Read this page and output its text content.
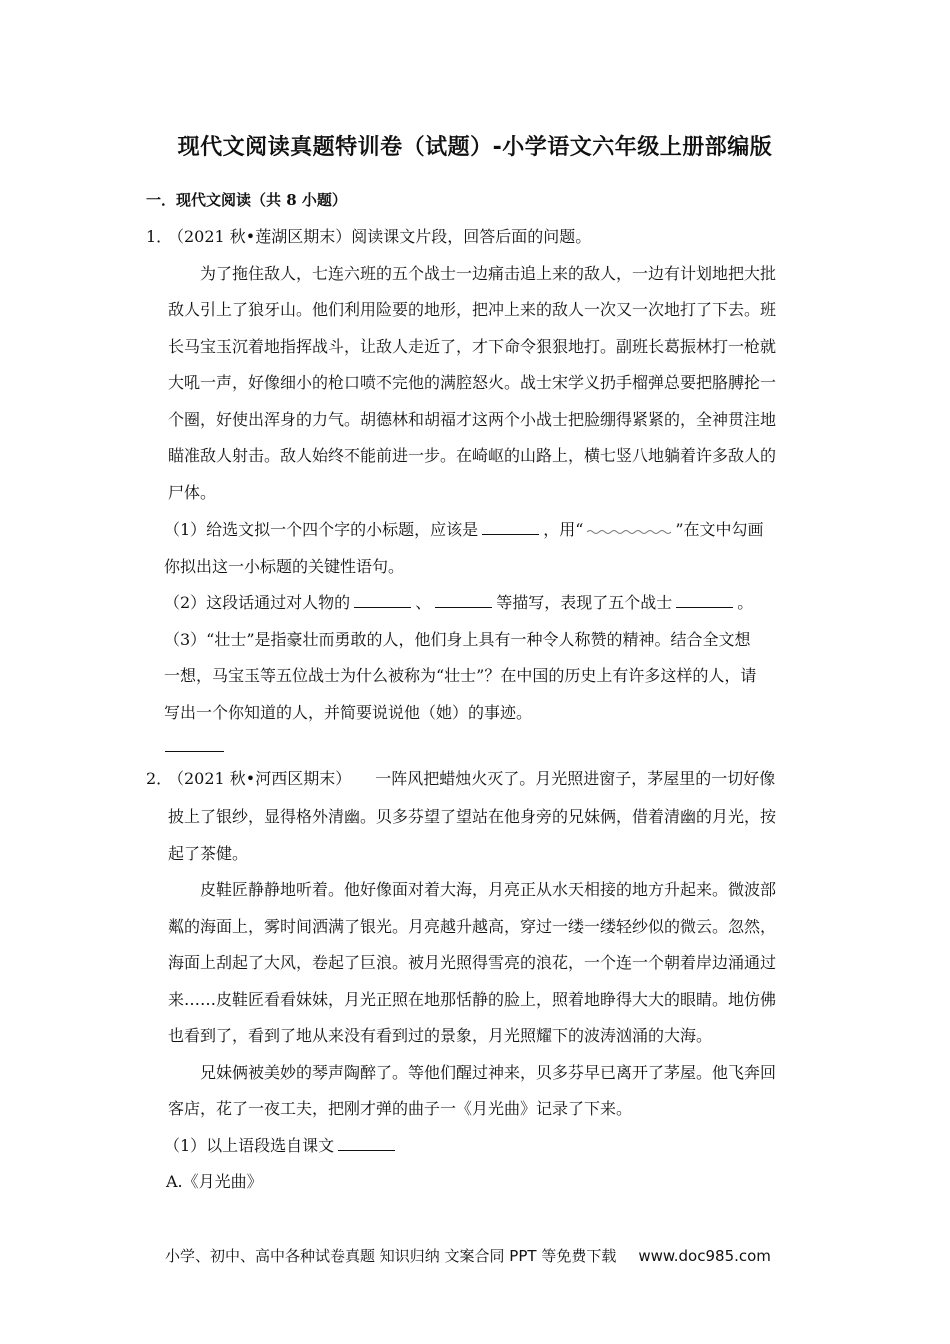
现代文阅读真题特训卷（试题）-小学语文六年级上册部编版
一．现代文阅读（共 8 小题）
1．
（2021 秋•莲湖区期末）阅读课文片段，回答后面的问题。
为了拖住敌人，七连六班的五个战士一边痛击追上来的敌人，一边有计划地把大批
敌人引上了狼牙山。他们利用险要的地形，把冲上来的敌人一次又一次地打了下去。班
长马宝玉沉着地指挥战斗，让敌人走近了，才下命令狠狠地打。副班长葛振林打一枪就
大吼一声，好像细小的枪口喷不完他的满腔怒火。战士宋学义扔手榴弹总要把胳膊抡一
个圈，好使出浑身的力气。胡德林和胡福才这两个小战士把脸绷得紧紧的，全神贯注地
瞄准敌人射击。敌人始终不能前进一步。在崎岖的山路上，横七竖八地躺着许多敌人的
尸体。
（1）给选文拟一个四个字的小标题，应该是	，用“	”在文中勾画
你拟出这一小标题的关键性语句。
（2）这段话通过对人物的	、	等描写，表现了五个战士	。
（3）“壮士”是指豪壮而勇敢的人，他们身上具有一种令人称赞的精神。结合全文想
一想，马宝玉等五位战士为什么被称为“壮士”？在中国的历史上有许多这样的人，请
写出一个你知道的人，并简要说说他（她）的事迹。
2．
（2021 秋•河西区期末）　　一阵风把蜡烛火灭了。月光照进窗子，茅屋里的一切好像
披上了银纱，显得格外清幽。贝多芬望了望站在他身旁的兄妹俩，借着清幽的月光，按
起了茶健。
皮鞋匠静静地听着。他好像面对着大海，月亮正从水天相接的地方升起来。微波部
粼的海面上，雾时间洒满了银光。月亮越升越高，穿过一缕一缕轻纱似的微云。忽然，
海面上刮起了大风，卷起了巨浪。被月光照得雪亮的浪花，一个连一个朝着岸边涌通过
来……皮鞋匠看看妹妹，月光正照在地那恬静的脸上，照着地睁得大大的眼睛。地仿佛
也看到了，看到了地从来没有看到过的景象，月光照耀下的波涛汹涌的大海。
兄妹俩被美妙的琴声陶醉了。等他们醒过神来，贝多芬早已离开了茅屋。他飞奔回
客店，花了一夜工夫，把刚才弹的曲子一《月光曲》记录了下来。
（1）以上语段选自课文
A.《月光曲》
小学、初中、高中各种试卷真题 知识归纳 文案合同 PPT 等免费下载 www.doc985.com
